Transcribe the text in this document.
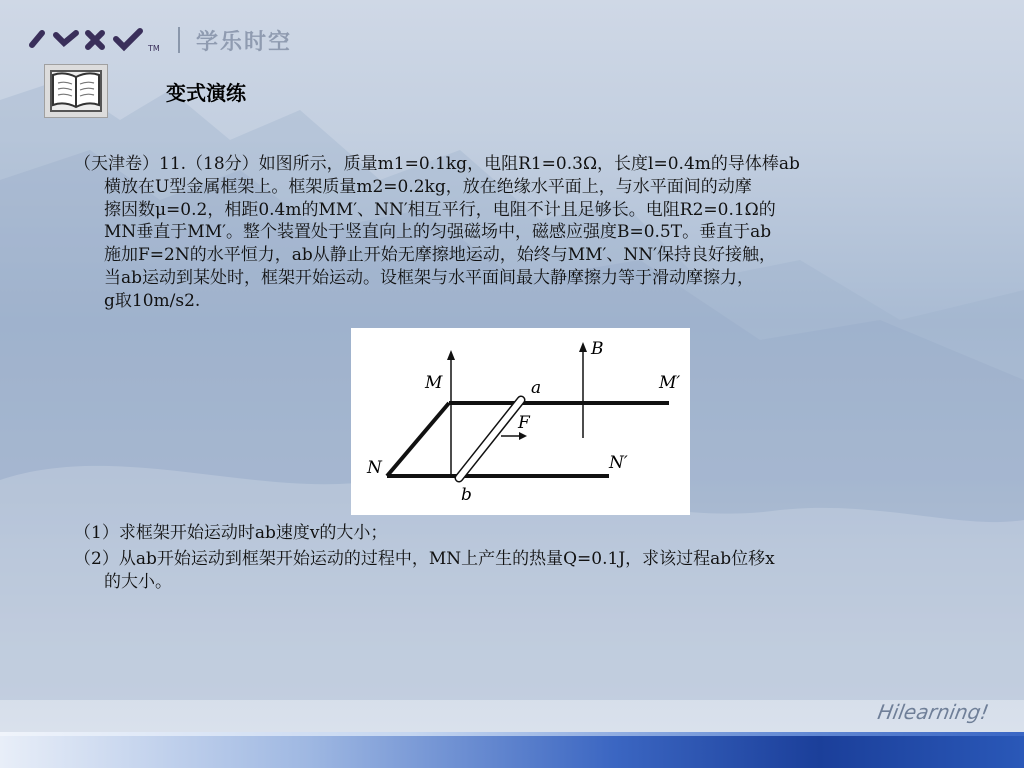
TM 学乐时空
变式演练
（天津卷）11.（18分）如图所示，质量m1=0.1kg，电阻R1=0.3Ω，长度l=0.4m的导体棒ab
横放在U型金属框架上。框架质量m2=0.2kg，放在绝缘水平面上，与水平面间的动摩
擦因数μ=0.2，相距0.4m的MM′、NN′相互平行，电阻不计且足够长。电阻R2=0.1Ω的
MN垂直于MM′。整个装置处于竖直向上的匀强磁场中，磁感应强度B=0.5T。垂直于ab
施加F=2N的水平恒力，ab从静止开始无摩擦地运动，始终与MM′、NN′保持良好接触，
当ab运动到某处时，框架开始运动。设框架与水平面间最大静摩擦力等于滑动摩擦力，
g取10m/s2.
M
B
a	M′
F
N	N′
b
（1）求框架开始运动时ab速度v的大小；
（2）从ab开始运动到框架开始运动的过程中，MN上产生的热量Q=0.1J，求该过程ab位移x
的大小。
Hilearning!
